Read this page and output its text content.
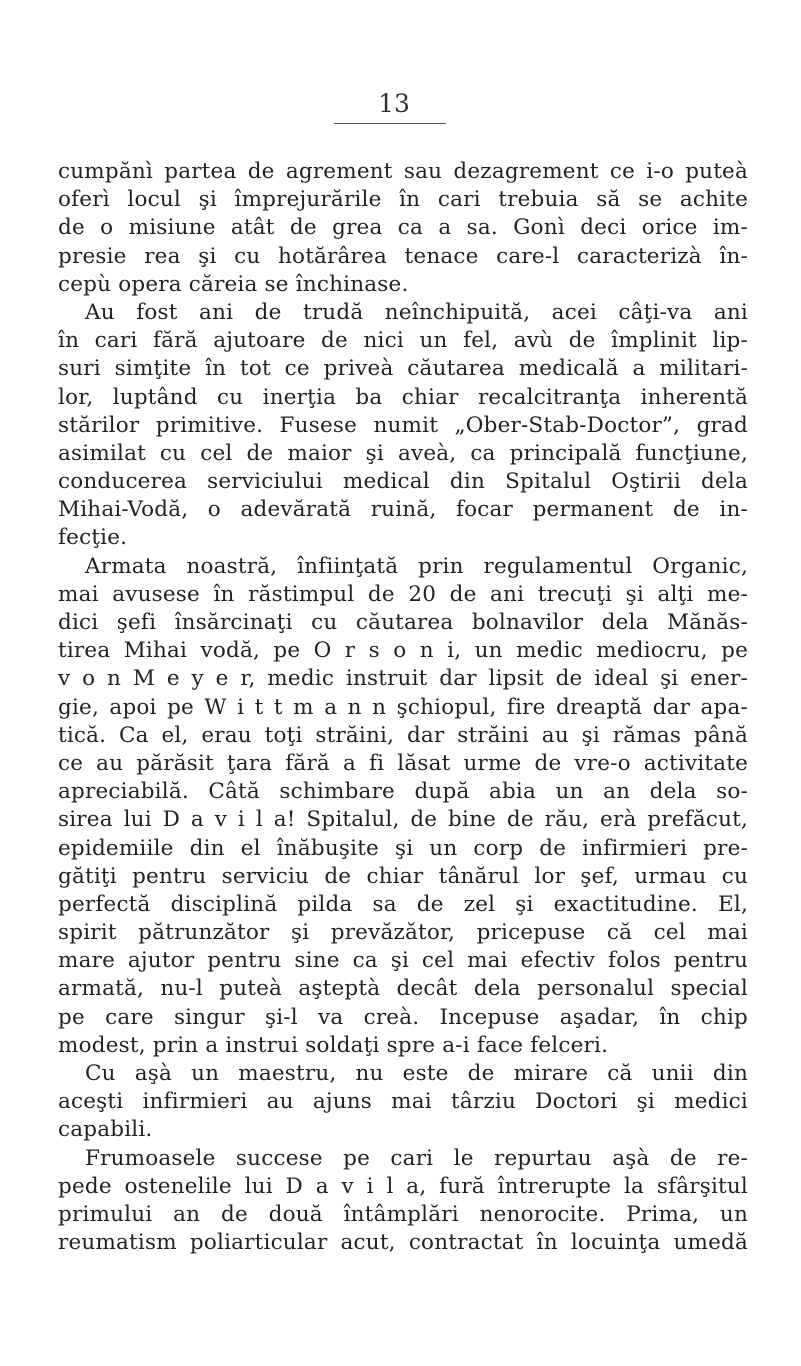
13
cumpănì partea de agrement sau dezagrement ce i-o puteà
oferì locul şi împrejurările în cari trebuia să se achite
de o misiune atât de grea ca a sa. Gonì deci orice im-
presie rea şi cu hotărârea tenace care-l caracterizà în-
cepù opera căreia se închinase.
Au fost ani de trudă neînchipuită, acei câţi-va ani
în cari fără ajutoare de nici un fel, avù de împlinit lip-
suri simţite în tot ce priveà căutarea medicală a militari-
lor, luptând cu inerţia ba chiar recalcitranţa inherentă
stărilor primitive. Fusese numit „Ober-Stab-Doctor”, grad
asimilat cu cel de maior şi aveà, ca principală funcţiune,
conducerea serviciului medical din Spitalul Oştirii dela
Mihai-Vodă, o adevărată ruină, focar permanent de in-
fecţie.
Armata noastră, înfiinţată prin regulamentul Organic,
mai avusese în răstimpul de 20 de ani trecuţi şi alţi me-
dici şefi însărcinaţi cu căutarea bolnavilor dela Mănăs-
tirea Mihai vodă, pe O r s o n i, un medic mediocru, pe
v o n M e y e r, medic instruit dar lipsit de ideal şi ener-
gie, apoi pe W i t t m a n n şchiopul, fire dreaptă dar apa-
tică. Ca el, erau toţi străini, dar străini au şi rămas până
ce au părăsit ţara fără a fi lăsat urme de vre-o activitate
apreciabilă. Câtă schimbare după abia un an dela so-
sirea lui D a v i l a! Spitalul, de bine de rău, erà prefăcut,
epidemiile din el înăbuşite şi un corp de infirmieri pre-
gătiţi pentru serviciu de chiar tânărul lor şef, urmau cu
perfectă disciplină pilda sa de zel şi exactitudine. El,
spirit pătrunzător şi prevăzător, pricepuse că cel mai
mare ajutor pentru sine ca şi cel mai efectiv folos pentru
armată, nu-l puteà aşteptà decât dela personalul special
pe care singur şi-l va creà. Incepuse aşadar, în chip
modest, prin a instrui soldaţi spre a-i face felceri.
Cu aşà un maestru, nu este de mirare că unii din
aceşti infirmieri au ajuns mai târziu Doctori şi medici
capabili.
Frumoasele succese pe cari le repurtau aşà de re-
pede ostenelile lui D a v i l a, fură întrerupte la sfârşitul
primului an de două întâmplări nenorocite. Prima, un
reumatism poliarticular acut, contractat în locuinţa umedă
